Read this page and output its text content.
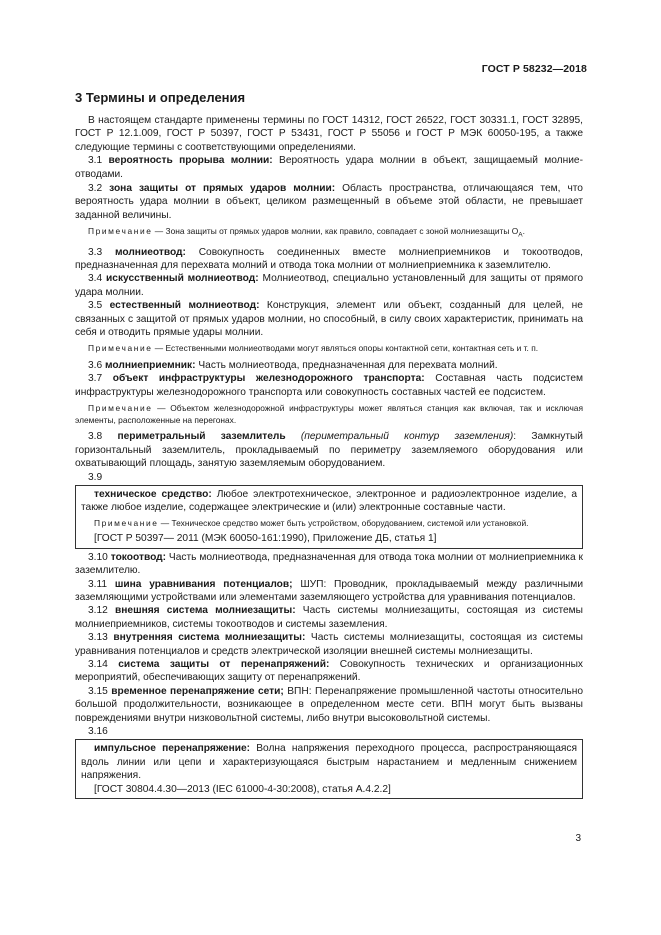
ГОСТ Р 58232—2018
3 Термины и определения

В настоящем стандарте применены термины по ГОСТ 14312, ГОСТ 26522, ГОСТ 30331.1, ГОСТ 32895, ГОСТ Р 12.1.009, ГОСТ Р 50397, ГОСТ Р 53431, ГОСТ Р 55056 и ГОСТ Р МЭК 60050-195, а также следующие термины с соответствующими определениями.

3.1 вероятность прорыва молнии: Вероятность удара молнии в объект, защищаемый молние-отводами.

3.2 зона защиты от прямых ударов молнии: Область пространства, отличающаяся тем, что вероятность удара молнии в объект, целиком размещенный в объеме этой области, не превышает заданной величины.

Примечание — Зона защиты от прямых ударов молнии, как правило, совпадает с зоной молниезащиты $O_A$.

3.3 молниеотвод: Совокупность соединенных вместе молниеприемников и токоотводов, предназначенная для перехвата молний и отвода тока молнии от молниеприемника к заземлителю.

3.4 искусственный молниеотвод: Молниеотвод, специально установленный для защиты от прямого удара молнии.

3.5 естественный молниеотвод: Конструкция, элемент или объект, созданный для целей, не связанных с защитой от прямых ударов молнии, но способный, в силу своих характеристик, принимать на себя и отводить прямые удары молнии.

Примечание — Естественными молниеотводами могут являться опоры контактной сети, контактная сеть и т. п.

3.6 молниеприемник: Часть молниеотвода, предназначенная для перехвата молний.

3.7 объект инфраструктуры железнодорожного транспорта: Составная часть подсистем инфраструктуры железнодорожного транспорта или совокупность составных частей ее подсистем.

Примечание — Объектом железнодорожной инфраструктуры может являться станция как включая, так и исключая элементы, расположенные на перегонах.

3.8 периметральный заземлитель (периметральный контур заземления): Замкнутый горизонтальный заземлитель, прокладываемый по периметру заземляемого оборудования или охватывающий площадь, занятую заземляемым оборудованием.

3.9

техническое средство: Любое электротехническое, электронное и радиоэлектронное изделие, а также любое изделие, содержащее электрические и (или) электронные составные части.

Примечание — Техническое средство может быть устройством, оборудованием, системой или установкой.

[ГОСТ Р 50397— 2011 (МЭК 60050-161:1990), Приложение ДБ, статья 1]

3.10 токоотвод: Часть молниеотвода, предназначенная для отвода тока молнии от молниеприемника к заземлителю.

3.11 шина уравнивания потенциалов; ШУП: Проводник, прокладываемый между различными заземляющими устройствами или элементами заземляющего устройства для уравнивания потенциалов.

3.12 внешняя система молниезащиты: Часть системы молниезащиты, состоящая из системы молниеприемников, системы токоотводов и системы заземления.

3.13 внутренняя система молниезащиты: Часть системы молниезащиты, состоящая из системы уравнивания потенциалов и средств электрической изоляции внешней системы молниезащиты.

3.14 система защиты от перенапряжений: Совокупность технических и организационных мероприятий, обеспечивающих защиту от перенапряжений.

3.15 временное перенапряжение сети; ВПН: Перенапряжение промышленной частоты относительно большой продолжительности, возникающее в определенном месте сети. ВПН могут быть вызваны повреждениями внутри низковольтной системы, либо внутри высоковольтной системы.

3.16

импульсное перенапряжение: Волна напряжения переходного процесса, распространяющаяся вдоль линии или цепи и характеризующаяся быстрым нарастанием и медленным снижением напряжения.

[ГОСТ 30804.4.30—2013 (IEC 61000-4-30:2008), статья А.4.2.2]

3
